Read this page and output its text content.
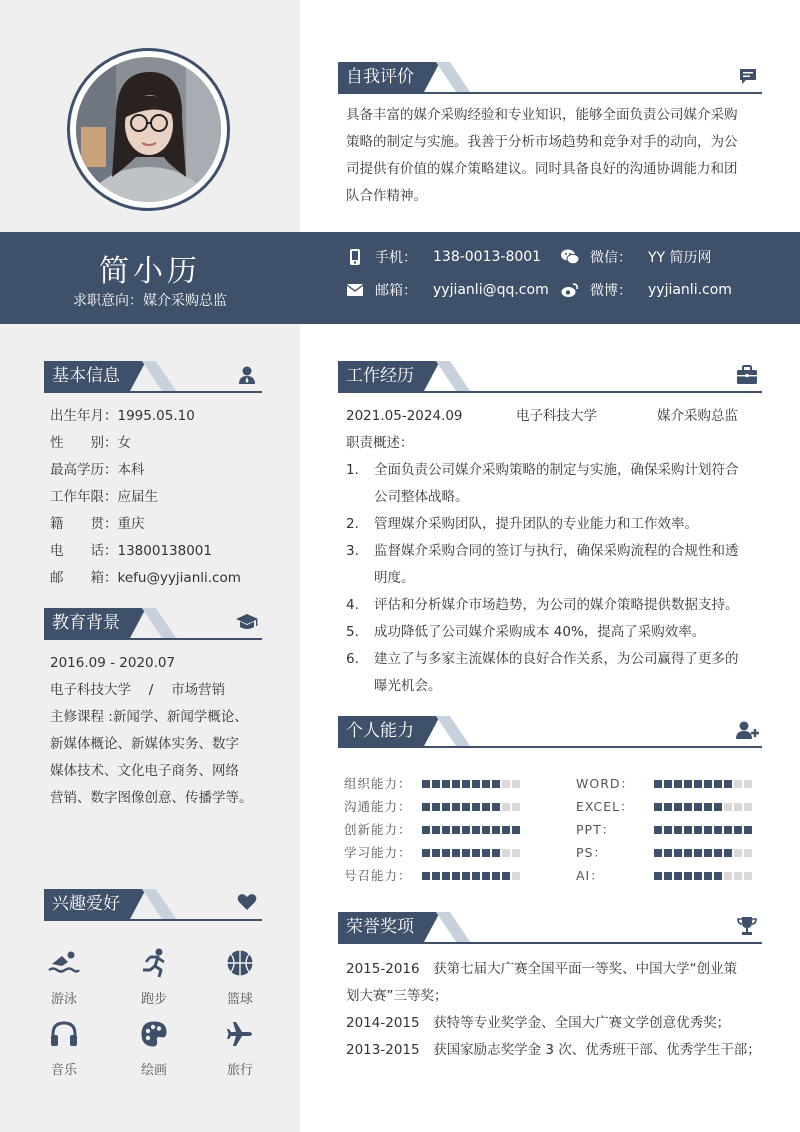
简小历
求职意向：媒介采购总监
手机： 138-0013-8001	微信： YY 简历网
邮箱： yyjianli@qq.com	微博： yyjianli.com
自我评价
具备丰富的媒介采购经验和专业知识，能够全面负责公司媒介采购
策略的制定与实施。我善于分析市场趋势和竞争对手的动向，为公
司提供有价值的媒介策略建议。同时具备良好的沟通协调能力和团
队合作精神。
基本信息
出生年月：1995.05.10
性　　别：女
最高学历：本科
工作年限：应届生
籍　　贯：重庆
电　　话：13800138001
邮　　箱：kefu@yyjianli.com
教育背景
2016.09 - 2020.07
电子科技大学　 /　 市场营销
主修课程 :新闻学、新闻学概论、
新媒体概论、新媒体实务、数字
媒体技术、文化电子商务、网络
营销、数字图像创意、传播学等。
兴趣爱好
游泳	跑步	篮球
音乐	绘画	旅行
工作经历
2021.05-2024.09	电子科技大学	媒介采购总监
职责概述：
1. 全面负责公司媒介采购策略的制定与实施，确保采购计划符合
公司整体战略。
2. 管理媒介采购团队，提升团队的专业能力和工作效率。
3. 监督媒介采购合同的签订与执行，确保采购流程的合规性和透
明度。
4. 评估和分析媒介市场趋势，为公司的媒介策略提供数据支持。
5. 成功降低了公司媒介采购成本 40%，提高了采购效率。
6. 建立了与多家主流媒体的良好合作关系，为公司赢得了更多的
曝光机会。
个人能力
荣誉奖项
2015-2016　获第七届大广赛全国平面一等奖、中国大学“创业策
划大赛”三等奖；
2014-2015　获特等专业奖学金、全国大广赛文学创意优秀奖；
2013-2015　获国家励志奖学金 3 次、优秀班干部、优秀学生干部；
组织能力：
沟通能力：
创新能力：
学习能力：
号召能力：
WORD：
EXCEL：
PPT：
PS：
AI：
